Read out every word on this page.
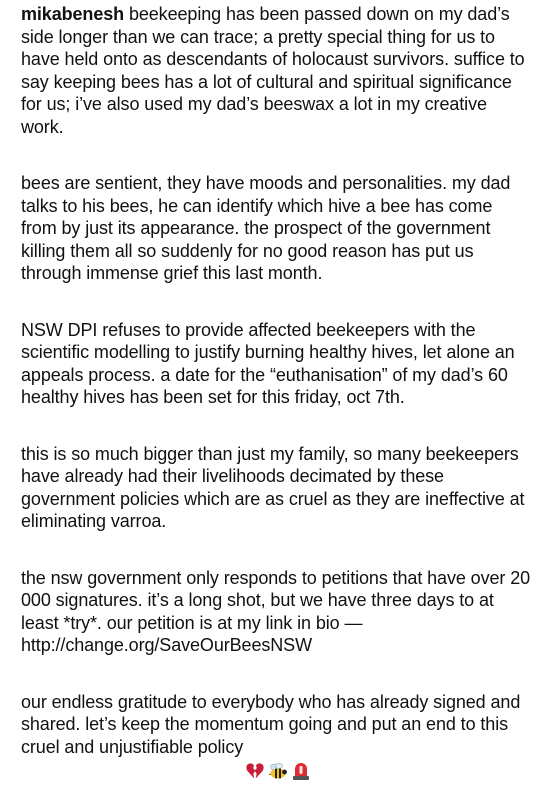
mikabenesh beekeeping has been passed down on my dad’s side longer than we can trace; a pretty special thing for us to have held onto as descendants of holocaust survivors. suffice to say keeping bees has a lot of cultural and spiritual significance for us; i’ve also used my dad’s beeswax a lot in my creative work.

bees are sentient, they have moods and personalities. my dad talks to his bees, he can identify which hive a bee has come from by just its appearance. the prospect of the government killing them all so suddenly for no good reason has put us through immense grief this last month.

NSW DPI refuses to provide affected beekeepers with the scientific modelling to justify burning healthy hives, let alone an appeals process. a date for the “euthanisation” of my dad’s 60 healthy hives has been set for this friday, oct 7th.

this is so much bigger than just my family, so many beekeepers have already had their livelihoods decimated by these government policies which are as cruel as they are ineffective at eliminating varroa.

the nsw government only responds to petitions that have over 20 000 signatures. it’s a long shot, but we have three days to at least *try*. our petition is at my link in bio —
http://change.org/SaveOurBeesNSW

our endless gratitude to everybody who has already signed and shared. let’s keep the momentum going and put an end to this cruel and unjustifiable policy
